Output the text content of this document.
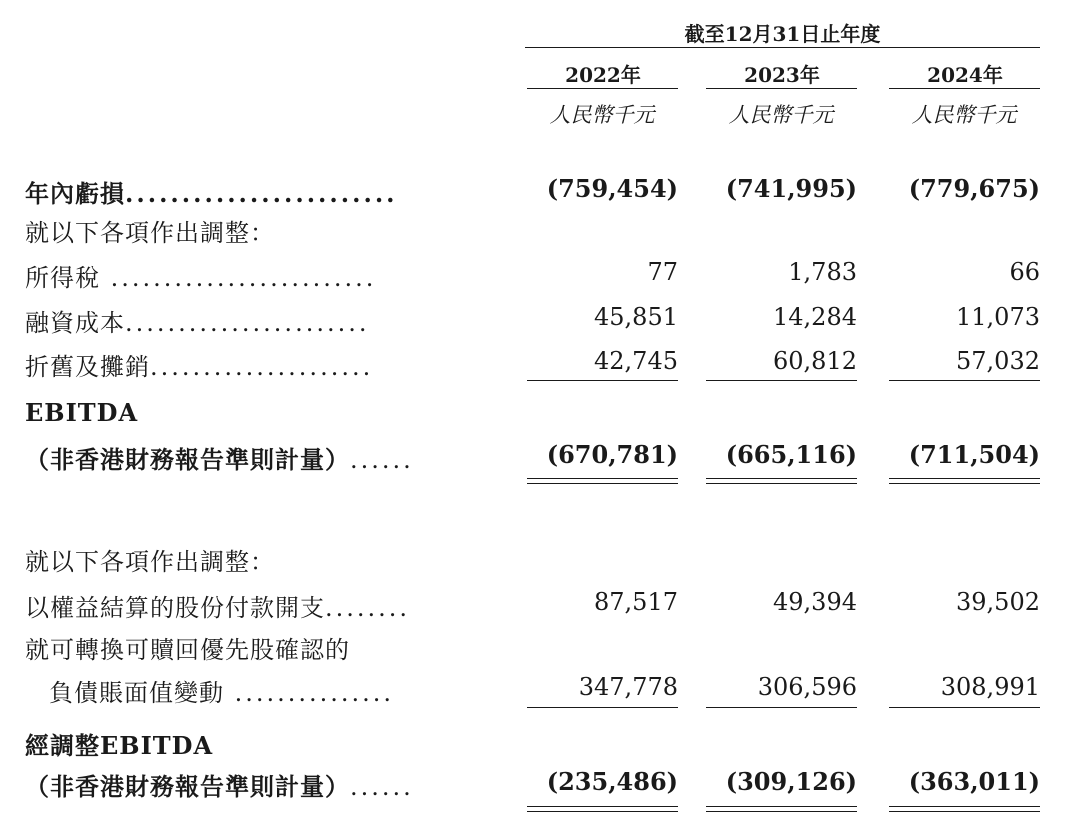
截至12月31日止年度
2022年	2023年	2024年
人民幣千元	人民幣千元	人民幣千元
年內虧損........................	(759,454)	(741,995)	(779,675)
就以下各項作出調整：
所得稅 .........................	77	1,783	66
融資成本.......................	45,851	14,284	11,073
折舊及攤銷.....................	42,745	60,812	57,032
EBITDA
（非香港財務報告準則計量）......	(670,781)	(665,116)	(711,504)
就以下各項作出調整：
以權益結算的股份付款開支........	87,517	49,394	39,502
就可轉換可贖回優先股確認的
負債賬面值變動 ...............	347,778	306,596	308,991
經調整EBITDA
（非香港財務報告準則計量）......	(235,486)	(309,126)	(363,011)
